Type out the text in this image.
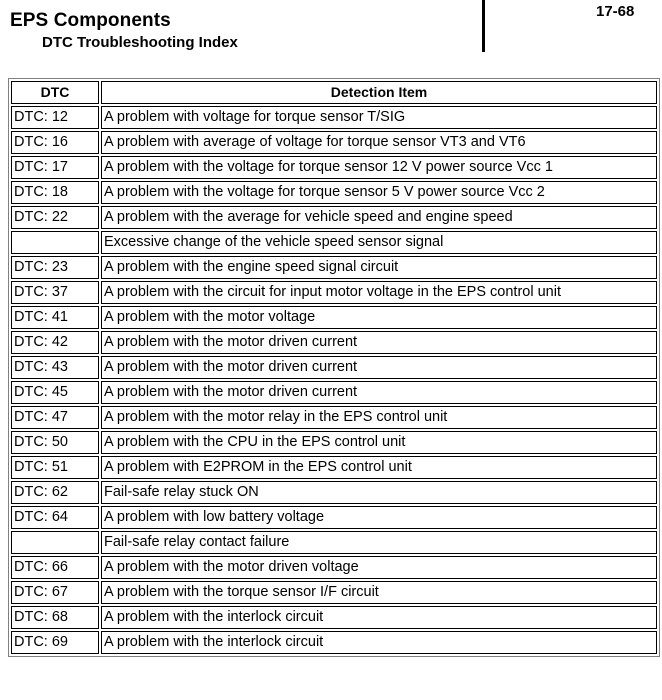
EPS Components
DTC Troubleshooting Index
17-68
DTC	Detection Item
DTC: 12	A problem with voltage for torque sensor T/SIG
DTC: 16	A problem with average of voltage for torque sensor VT3 and VT6
DTC: 17	A problem with the voltage for torque sensor 12 V power source Vcc 1
DTC: 18	A problem with the voltage for torque sensor 5 V power source Vcc 2
DTC: 22	A problem with the average for vehicle speed and engine speed
	Excessive change of the vehicle speed sensor signal
DTC: 23	A problem with the engine speed signal circuit
DTC: 37	A problem with the circuit for input motor voltage in the EPS control unit
DTC: 41	A problem with the motor voltage
DTC: 42	A problem with the motor driven current
DTC: 43	A problem with the motor driven current
DTC: 45	A problem with the motor driven current
DTC: 47	A problem with the motor relay in the EPS control unit
DTC: 50	A problem with the CPU in the EPS control unit
DTC: 51	A problem with E2PROM in the EPS control unit
DTC: 62	Fail-safe relay stuck ON
DTC: 64	A problem with low battery voltage
	Fail-safe relay contact failure
DTC: 66	A problem with the motor driven voltage
DTC: 67	A problem with the torque sensor I/F circuit
DTC: 68	A problem with the interlock circuit
DTC: 69	A problem with the interlock circuit
